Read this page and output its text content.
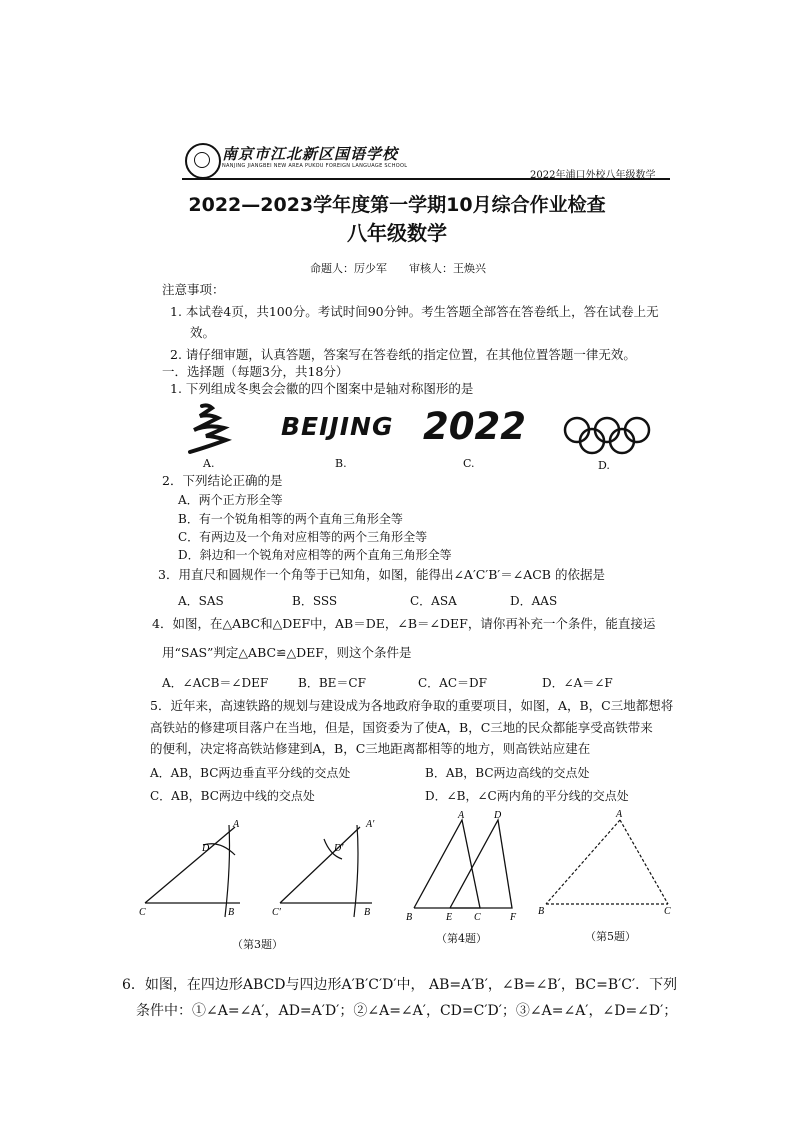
南京市江北新区国语学校
NANJING JIANGBEI NEW AREA PUKOU FOREIGN LANGUAGE SCHOOL
2022年浦口外校八年级数学
2022—2023学年度第一学期10月综合作业检查
八年级数学
命题人：厉少军　　审核人：王焕兴
注意事项：
1. 本试卷4页，共100分。考试时间90分钟。考生答题全部答在答卷纸上，答在试卷上无
效。
2. 请仔细审题，认真答题，答案写在答卷纸的指定位置，在其他位置答题一律无效。
一．选择题（每题3分，共18分）
1. 下列组成冬奥会会徽的四个图案中是轴对称图形的是
BEIJING 2022
A.	B.	C.	D.
2．下列结论正确的是
A．两个正方形全等
B．有一个锐角相等的两个直角三角形全等
C．有两边及一个角对应相等的两个三角形全等
D．斜边和一个锐角对应相等的两个直角三角形全等
3．用直尺和圆规作一个角等于已知角，如图，能得出∠A′C′B′＝∠ACB 的依据是
A．SAS	B．SSS	C．ASA	D．AAS
4．如图，在△ABC和△DEF中，AB＝DE，∠B＝∠DEF，请你再补充一个条件，能直接运
用“SAS”判定△ABC≌△DEF，则这个条件是
A．∠ACB＝∠DEF B．BE＝CF	C．AC＝DF	D．∠A＝∠F
5．近年来，高速铁路的规划与建设成为各地政府争取的重要项目，如图，A，B，C三地都想将
高铁站的修建项目落户在当地，但是，国资委为了使A，B，C三地的民众都能享受高铁带来
的便利，决定将高铁站修建到A，B，C三地距离都相等的地方，则高铁站应建在
A．AB，BC两边垂直平分线的交点处	B．AB，BC两边高线的交点处
C．AB，BC两边中线的交点处	D．∠B，∠C两内角的平分线的交点处
A
D
C	B
A′
D′
C′	B
（第3题）
A	D
B	E C	F
（第4题）
A
B	C
（第5题）
6．如图，在四边形ABCD与四边形A′B′C′D′中， AB=A′B′，∠B=∠B′，BC=B′C′．下列
条件中：①∠A=∠A′，AD=A′D′；②∠A=∠A′，CD=C′D′；③∠A=∠A′，∠D=∠D′；
